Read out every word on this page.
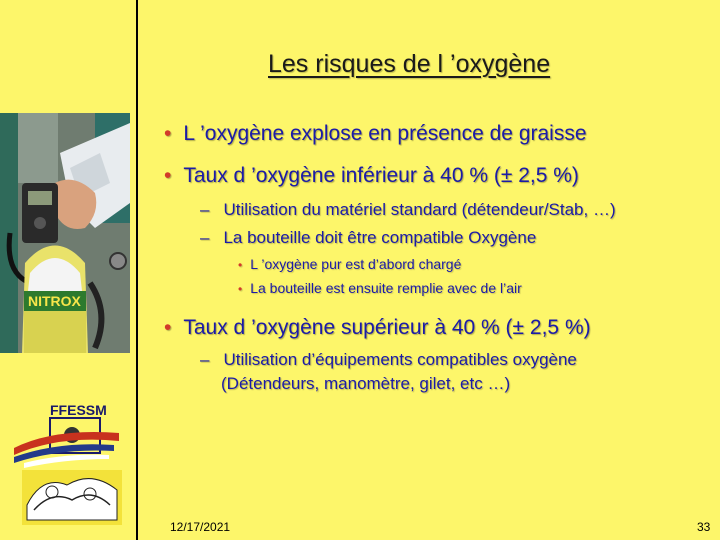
NITROX
FFESSM
Les risques de l ’oxygène
• L ’oxygène explose en présence de graisse
• Taux d ’oxygène inférieur à 40 % (± 2,5 %)
– Utilisation du matériel standard (détendeur/Stab, …)
– La bouteille doit être compatible Oxygène
• L ’oxygène pur est d’abord chargé
• La bouteille est ensuite remplie avec de l’air
• Taux d ’oxygène supérieur à 40 % (± 2,5 %)
– Utilisation d’équipements compatibles oxygène
(Détendeurs, manomètre, gilet, etc …)
12/17/2021	33
